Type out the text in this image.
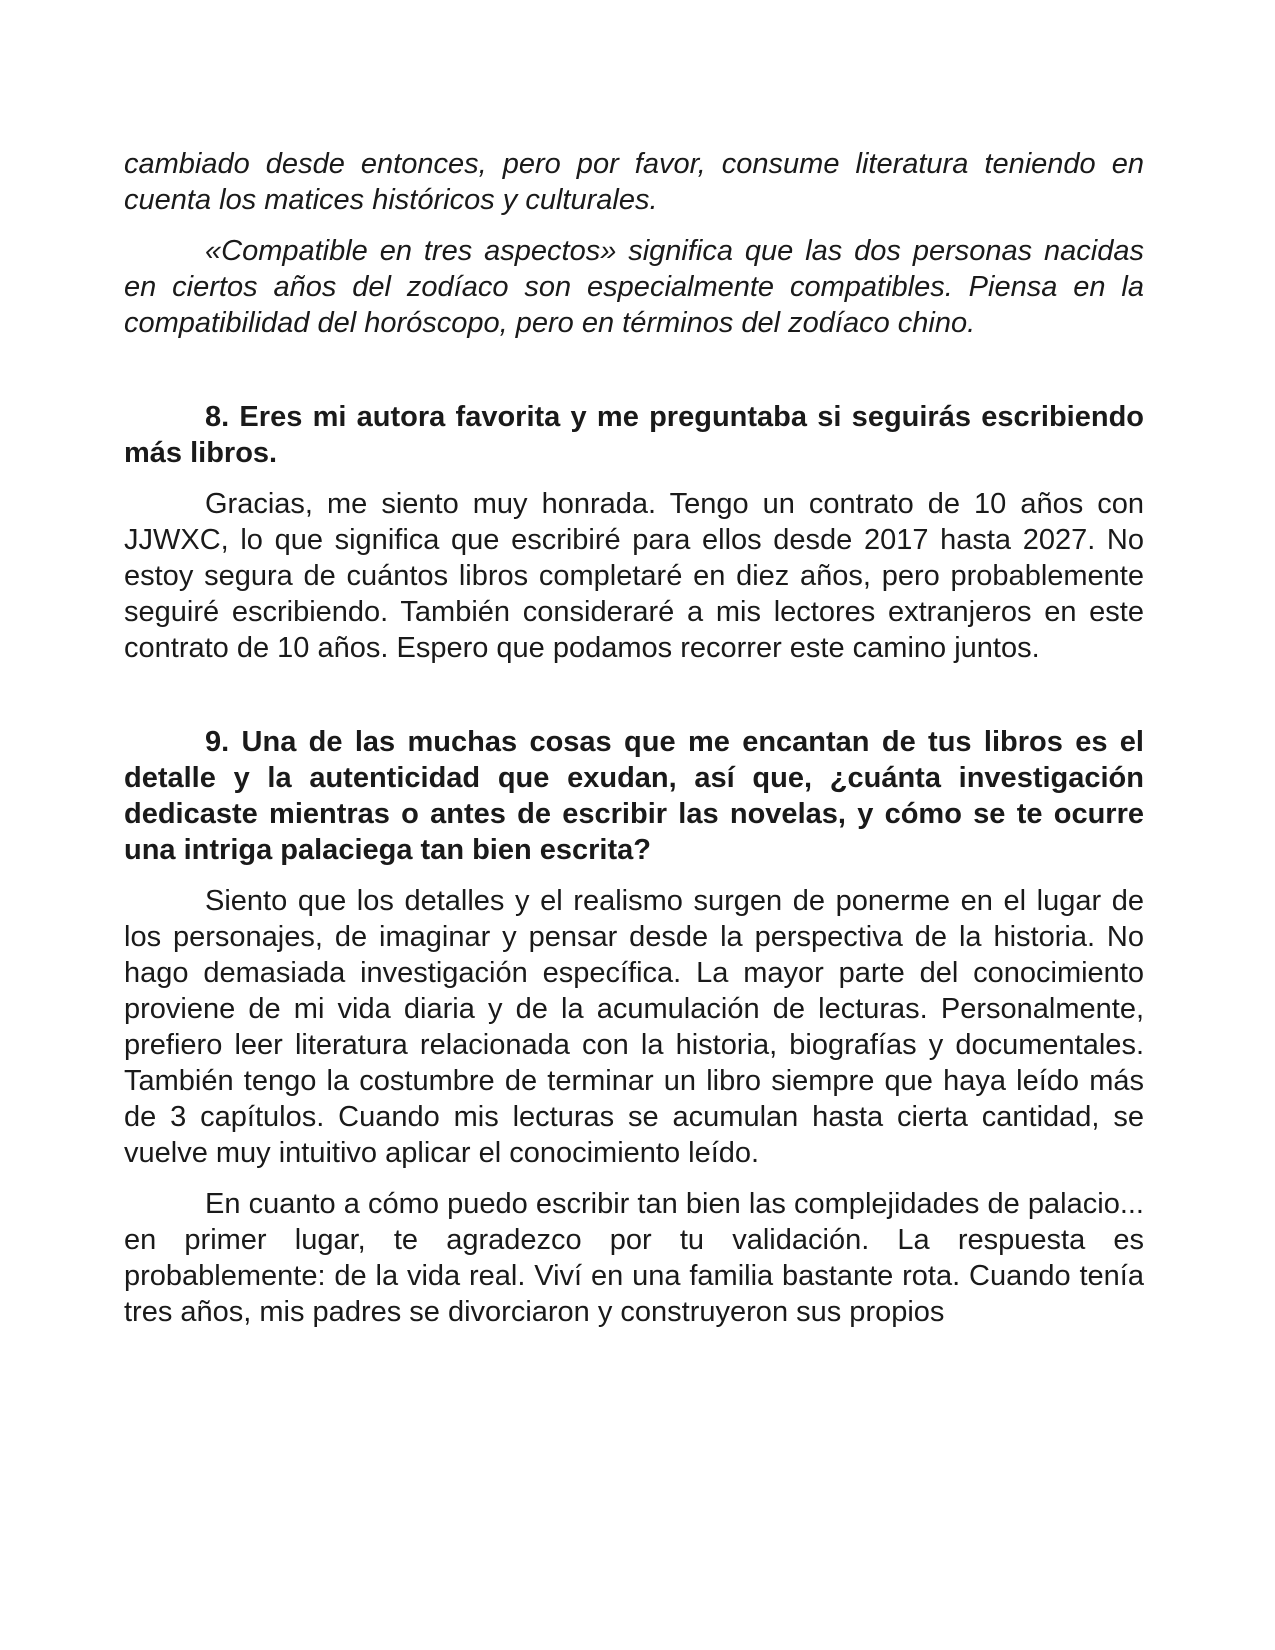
cambiado desde entonces, pero por favor, consume literatura teniendo en cuenta los matices históricos y culturales.

«Compatible en tres aspectos» significa que las dos personas nacidas en ciertos años del zodíaco son especialmente compatibles. Piensa en la compatibilidad del horóscopo, pero en términos del zodíaco chino.

8. Eres mi autora favorita y me preguntaba si seguirás escribiendo más libros.

Gracias, me siento muy honrada. Tengo un contrato de 10 años con JJWXC, lo que significa que escribiré para ellos desde 2017 hasta 2027. No estoy segura de cuántos libros completaré en diez años, pero probablemente seguiré escribiendo. También consideraré a mis lectores extranjeros en este contrato de 10 años. Espero que podamos recorrer este camino juntos.

9. Una de las muchas cosas que me encantan de tus libros es el detalle y la autenticidad que exudan, así que, ¿cuánta investigación dedicaste mientras o antes de escribir las novelas, y cómo se te ocurre una intriga palaciega tan bien escrita?

Siento que los detalles y el realismo surgen de ponerme en el lugar de los personajes, de imaginar y pensar desde la perspectiva de la historia. No hago demasiada investigación específica. La mayor parte del conocimiento proviene de mi vida diaria y de la acumulación de lecturas. Personalmente, prefiero leer literatura relacionada con la historia, biografías y documentales. También tengo la costumbre de terminar un libro siempre que haya leído más de 3 capítulos. Cuando mis lecturas se acumulan hasta cierta cantidad, se vuelve muy intuitivo aplicar el conocimiento leído.

En cuanto a cómo puedo escribir tan bien las complejidades de palacio... en primer lugar, te agradezco por tu validación. La respuesta es probablemente: de la vida real. Viví en una familia bastante rota. Cuando tenía tres años, mis padres se divorciaron y construyeron sus propios
